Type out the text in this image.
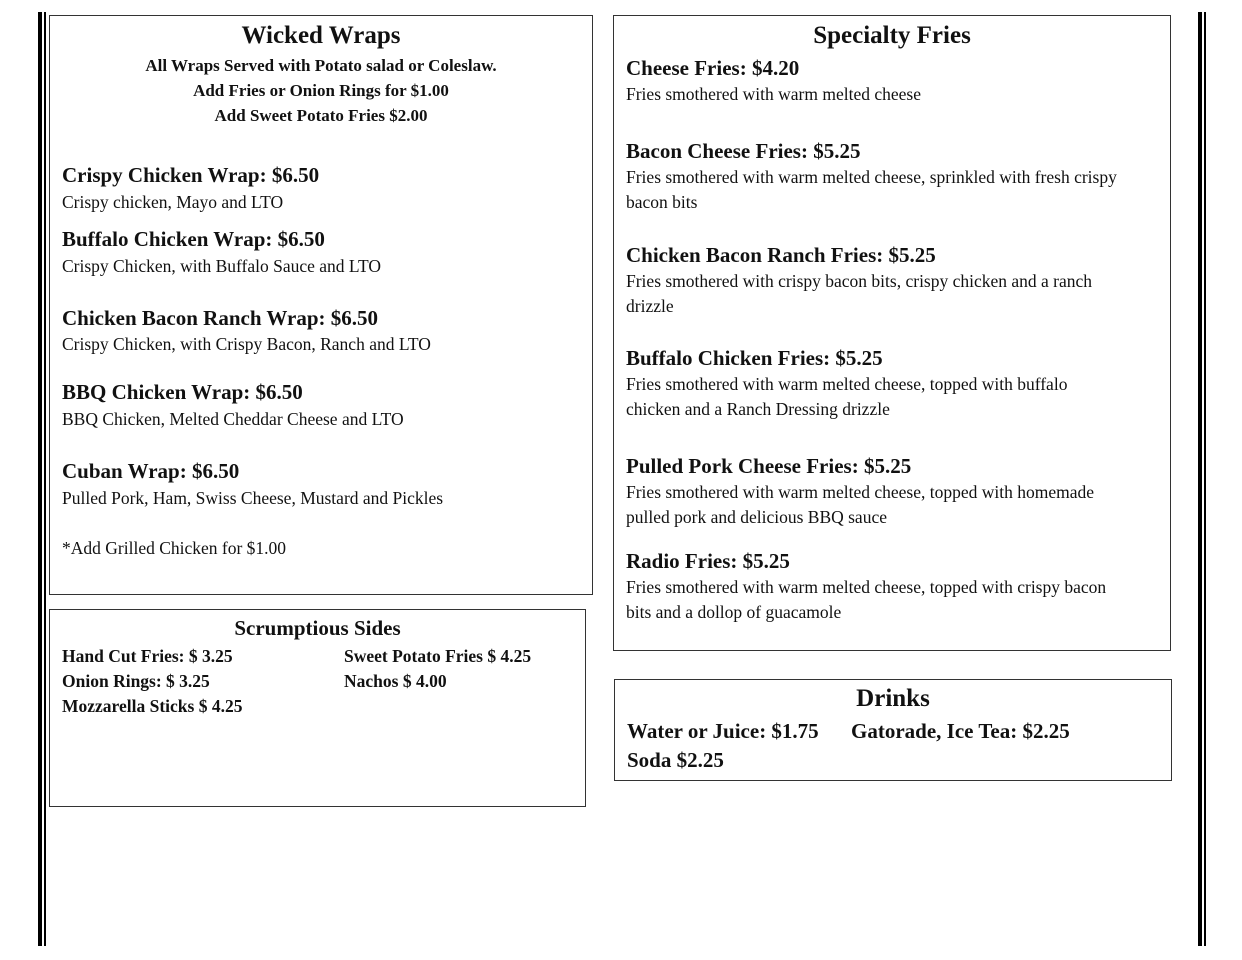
Wicked Wraps
All Wraps Served with Potato salad or Coleslaw.
Add Fries or Onion Rings for $1.00
Add Sweet Potato Fries $2.00
Crispy Chicken Wrap: $6.50
Crispy chicken, Mayo and LTO
Buffalo Chicken Wrap: $6.50
Crispy Chicken, with Buffalo Sauce and LTO
Chicken Bacon Ranch Wrap: $6.50
Crispy Chicken, with Crispy Bacon, Ranch and LTO
BBQ Chicken Wrap: $6.50
BBQ Chicken, Melted Cheddar Cheese and LTO
Cuban Wrap: $6.50
Pulled Pork, Ham, Swiss Cheese, Mustard and Pickles
*Add Grilled Chicken for $1.00
Scrumptious Sides
Hand Cut Fries: $ 3.25	Sweet Potato Fries $ 4.25
Onion Rings: $ 3.25	Nachos $ 4.00
Mozzarella Sticks $ 4.25
Specialty Fries
Cheese Fries: $4.20
Fries smothered with warm melted cheese
Bacon Cheese Fries: $5.25
Fries smothered with warm melted cheese, sprinkled with fresh crispy
bacon bits
Chicken Bacon Ranch Fries: $5.25
Fries smothered with crispy bacon bits, crispy chicken and a ranch
drizzle
Buffalo Chicken Fries: $5.25
Fries smothered with warm melted cheese, topped with buffalo
chicken and a Ranch Dressing drizzle
Pulled Pork Cheese Fries: $5.25
Fries smothered with warm melted cheese, topped with homemade
pulled pork and delicious BBQ sauce
Radio Fries: $5.25
Fries smothered with warm melted cheese, topped with crispy bacon
bits and a dollop of guacamole
Drinks
Water or Juice: $1.75 Gatorade, Ice Tea: $2.25
Soda $2.25
